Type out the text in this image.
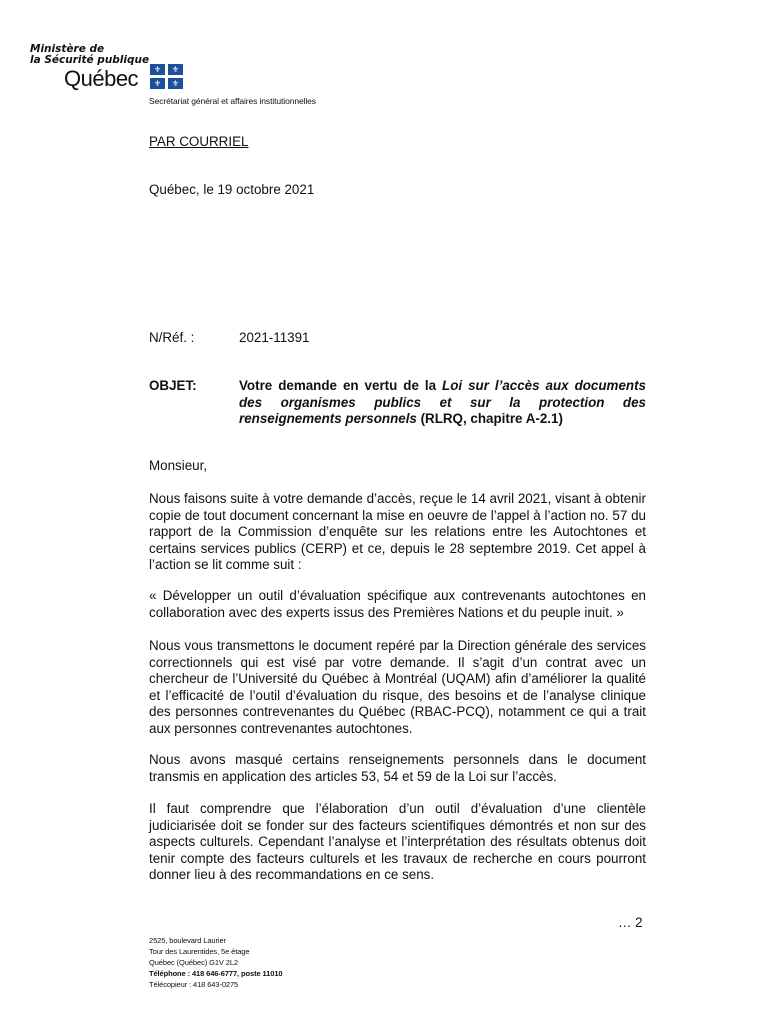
Ministère de
la Sécurité publique
Québec	⚜	⚜
⚜	⚜
Secrétariat général et affaires institutionnelles
PAR COURRIEL
Québec, le 19 octobre 2021
N/Réf. :	2021-11391
OBJET:	Votre demande en vertu de la Loi sur l’accès aux documents des organismes publics et sur la protection des renseignements personnels (RLRQ, chapitre A-2.1)
Monsieur,

Nous faisons suite à votre demande d’accès, reçue le 14 avril 2021, visant à obtenir copie de tout document concernant la mise en oeuvre de l’appel à l’action no. 57 du rapport de la Commission d’enquête sur les relations entre les Autochtones et certains services publics (CERP) et ce, depuis le 28 septembre 2019. Cet appel à l’action se lit comme suit :

« Développer un outil d’évaluation spécifique aux contrevenants autochtones en collaboration avec des experts issus des Premières Nations et du peuple inuit. »

Nous vous transmettons le document repéré par la Direction générale des services correctionnels qui est visé par votre demande. Il s’agit d’un contrat avec un chercheur de l’Université du Québec à Montréal (UQAM) afin d’améliorer la qualité et l’efficacité de l’outil d’évaluation du risque, des besoins et de l’analyse clinique des personnes contrevenantes du Québec (RBAC-PCQ), notamment ce qui a trait aux personnes contrevenantes autochtones.

Nous avons masqué certains renseignements personnels dans le document transmis en application des articles 53, 54 et 59 de la Loi sur l’accès.

Il faut comprendre que l’élaboration d’un outil d’évaluation d’une clientèle judiciarisée doit se fonder sur des facteurs scientifiques démontrés et non sur des aspects culturels. Cependant l’analyse et l’interprétation des résultats obtenus doit tenir compte des facteurs culturels et les travaux de recherche en cours pourront donner lieu à des recommandations en ce sens.

… 2
2525, boulevard Laurier
Tour des Laurentides, 5e étage
Québec (Québec) G1V 2L2
Téléphone : 418 646-6777, poste 11010
Télécopieur : 418 643-0275
